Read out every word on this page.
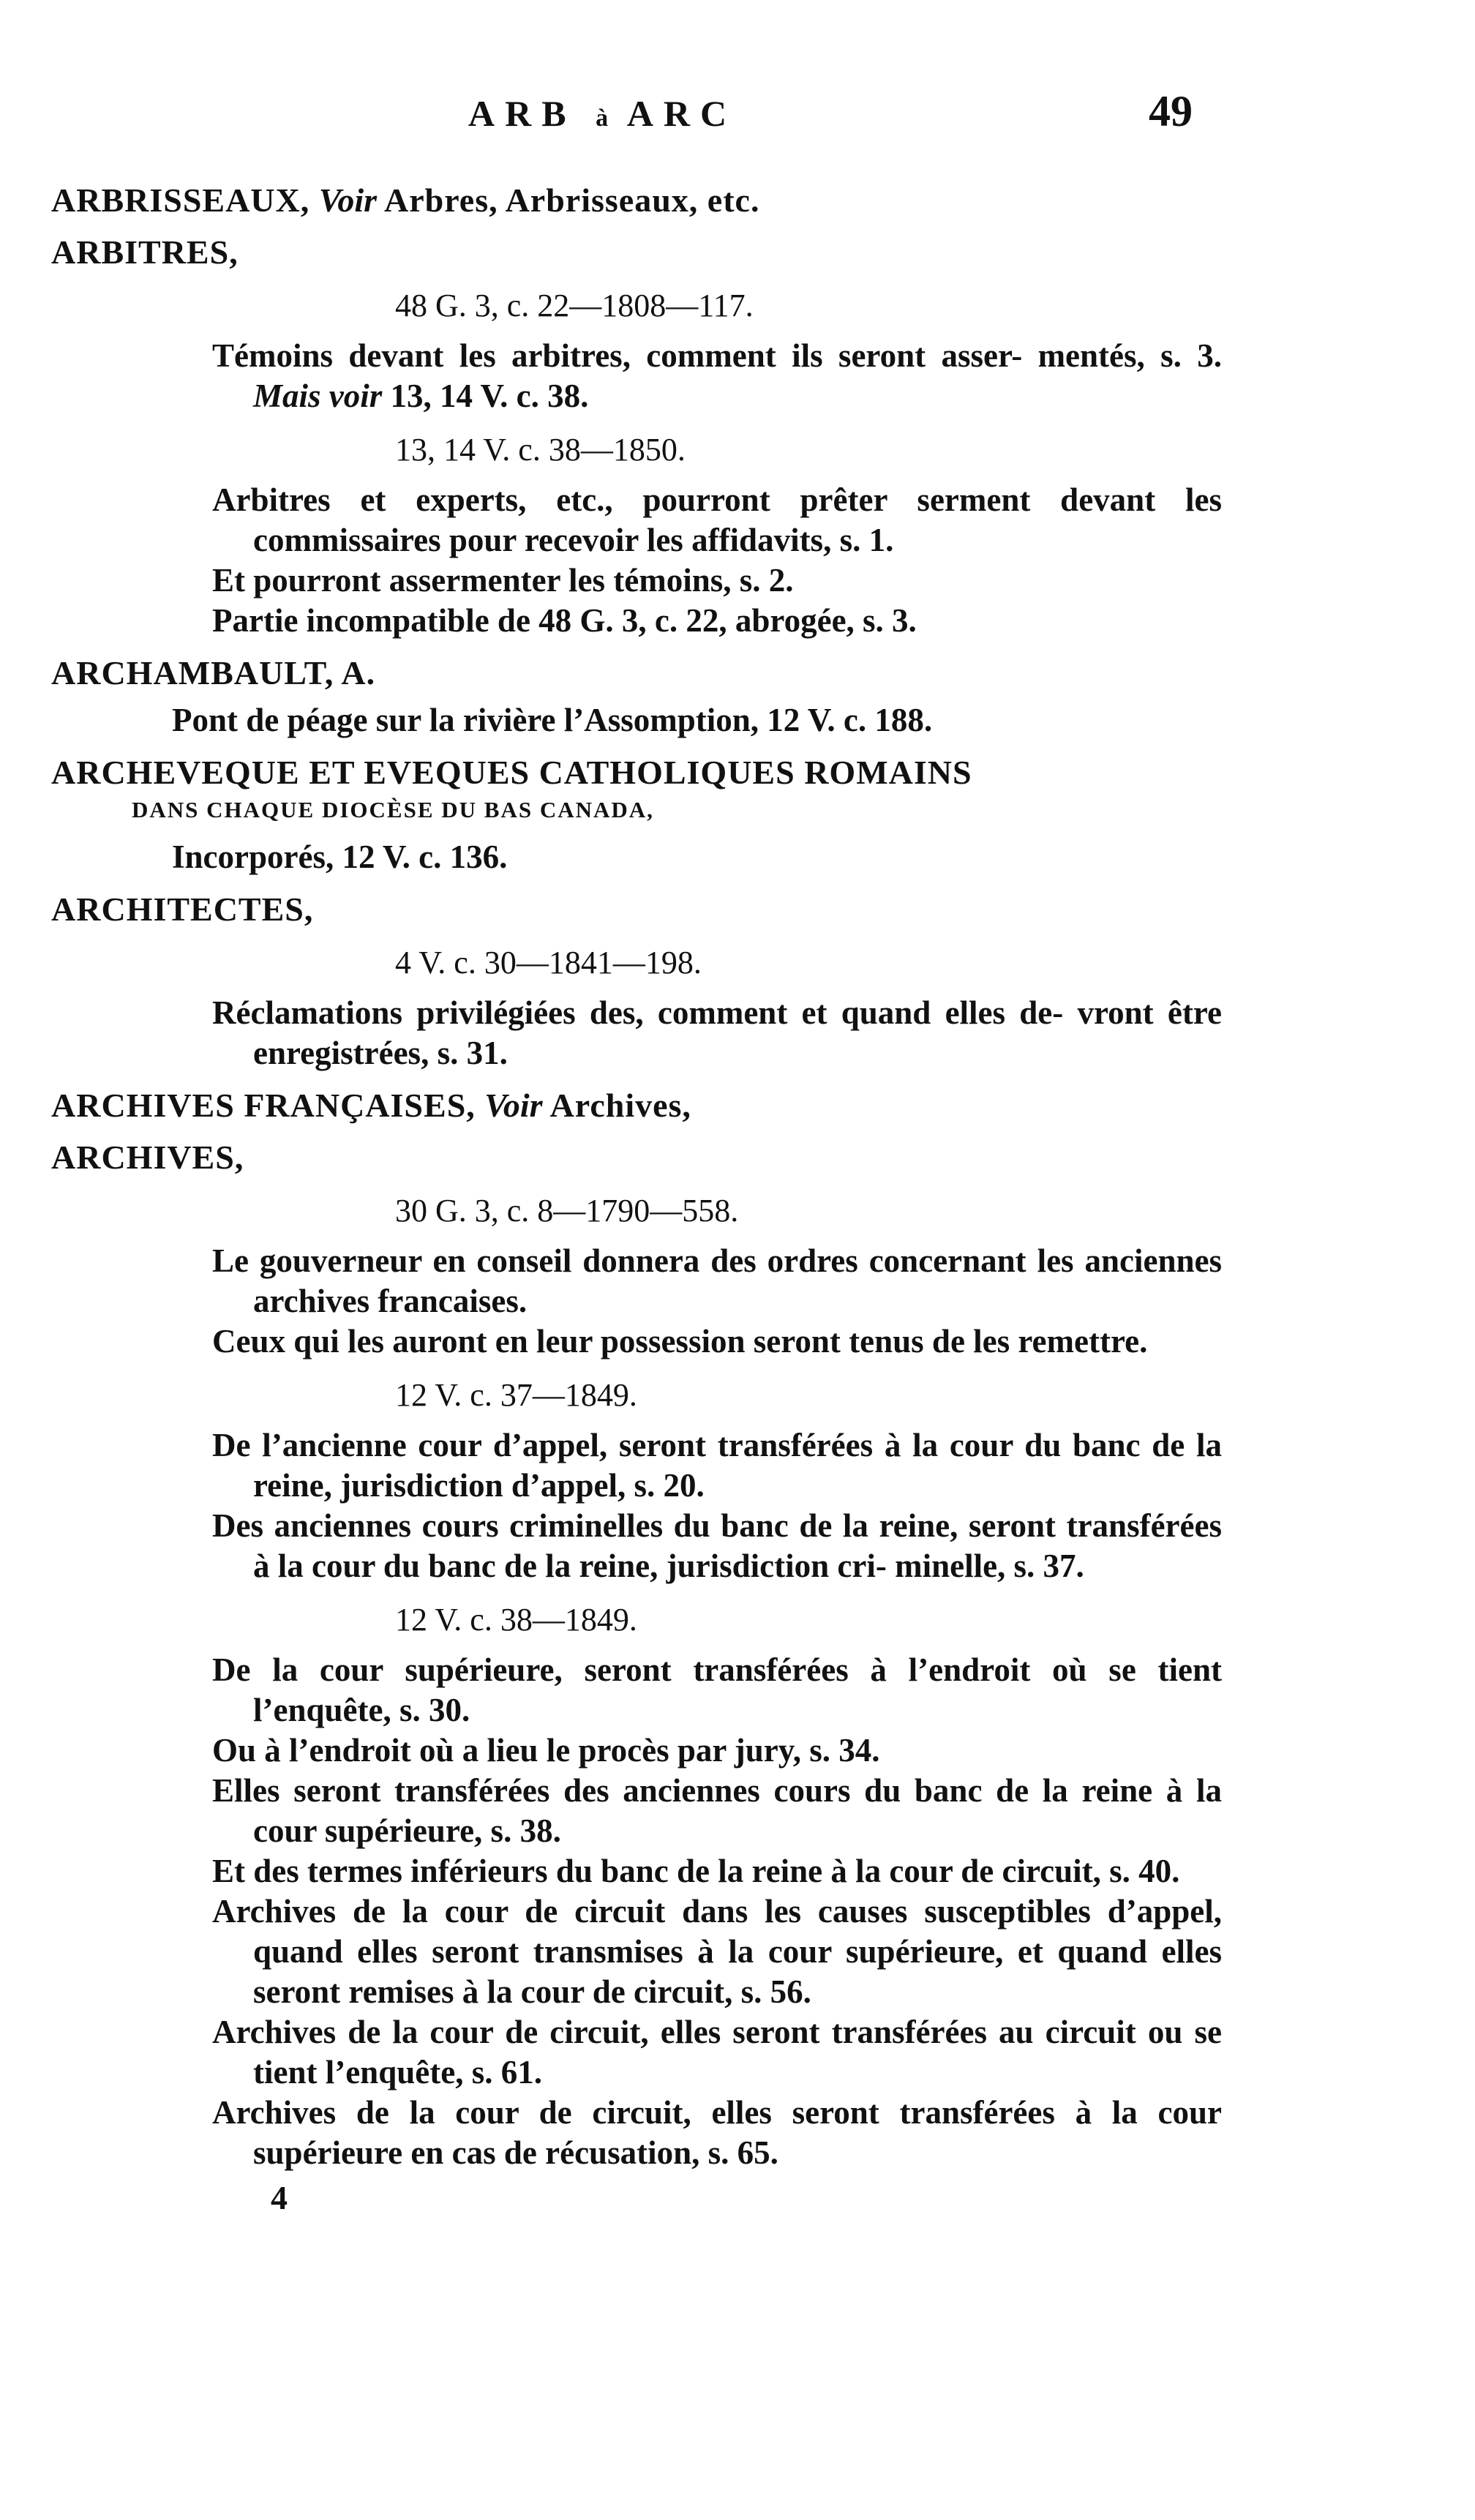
ARB à ARC	49

ARBRISSEAUX, Voir Arbres, Arbrisseaux, etc.

ARBITRES,

48 G. 3, c. 22—1808—117.

Témoins devant les arbitres, comment ils seront asser- mentés, s. 3. Mais voir 13, 14 V. c. 38.

13, 14 V. c. 38—1850.

Arbitres et experts, etc., pourront prêter serment devant les commissaires pour recevoir les affidavits, s. 1.

Et pourront assermenter les témoins, s. 2.

Partie incompatible de 48 G. 3, c. 22, abrogée, s. 3.

ARCHAMBAULT, A.

Pont de péage sur la rivière l’Assomption, 12 V. c. 188.

ARCHEVEQUE ET EVEQUES CATHOLIQUES ROMAINS

DANS CHAQUE DIOCÈSE DU BAS CANADA,

Incorporés, 12 V. c. 136.

ARCHITECTES,

4 V. c. 30—1841—198.

Réclamations privilégiées des, comment et quand elles de- vront être enregistrées, s. 31.

ARCHIVES FRANÇAISES, Voir Archives,

ARCHIVES,

30 G. 3, c. 8—1790—558.

Le gouverneur en conseil donnera des ordres concernant les anciennes archives francaises.

Ceux qui les auront en leur possession seront tenus de les remettre.

12 V. c. 37—1849.

De l’ancienne cour d’appel, seront transférées à la cour du banc de la reine, jurisdiction d’appel, s. 20.

Des anciennes cours criminelles du banc de la reine, seront transférées à la cour du banc de la reine, jurisdiction cri- minelle, s. 37.

12 V. c. 38—1849.

De la cour supérieure, seront transférées à l’endroit où se tient l’enquête, s. 30.

Ou à l’endroit où a lieu le procès par jury, s. 34.

Elles seront transférées des anciennes cours du banc de la reine à la cour supérieure, s. 38.

Et des termes inférieurs du banc de la reine à la cour de circuit, s. 40.

Archives de la cour de circuit dans les causes susceptibles d’appel, quand elles seront transmises à la cour supérieure, et quand elles seront remises à la cour de circuit, s. 56.

Archives de la cour de circuit, elles seront transférées au circuit ou se tient l’enquête, s. 61.

Archives de la cour de circuit, elles seront transférées à la cour supérieure en cas de récusation, s. 65.

4
